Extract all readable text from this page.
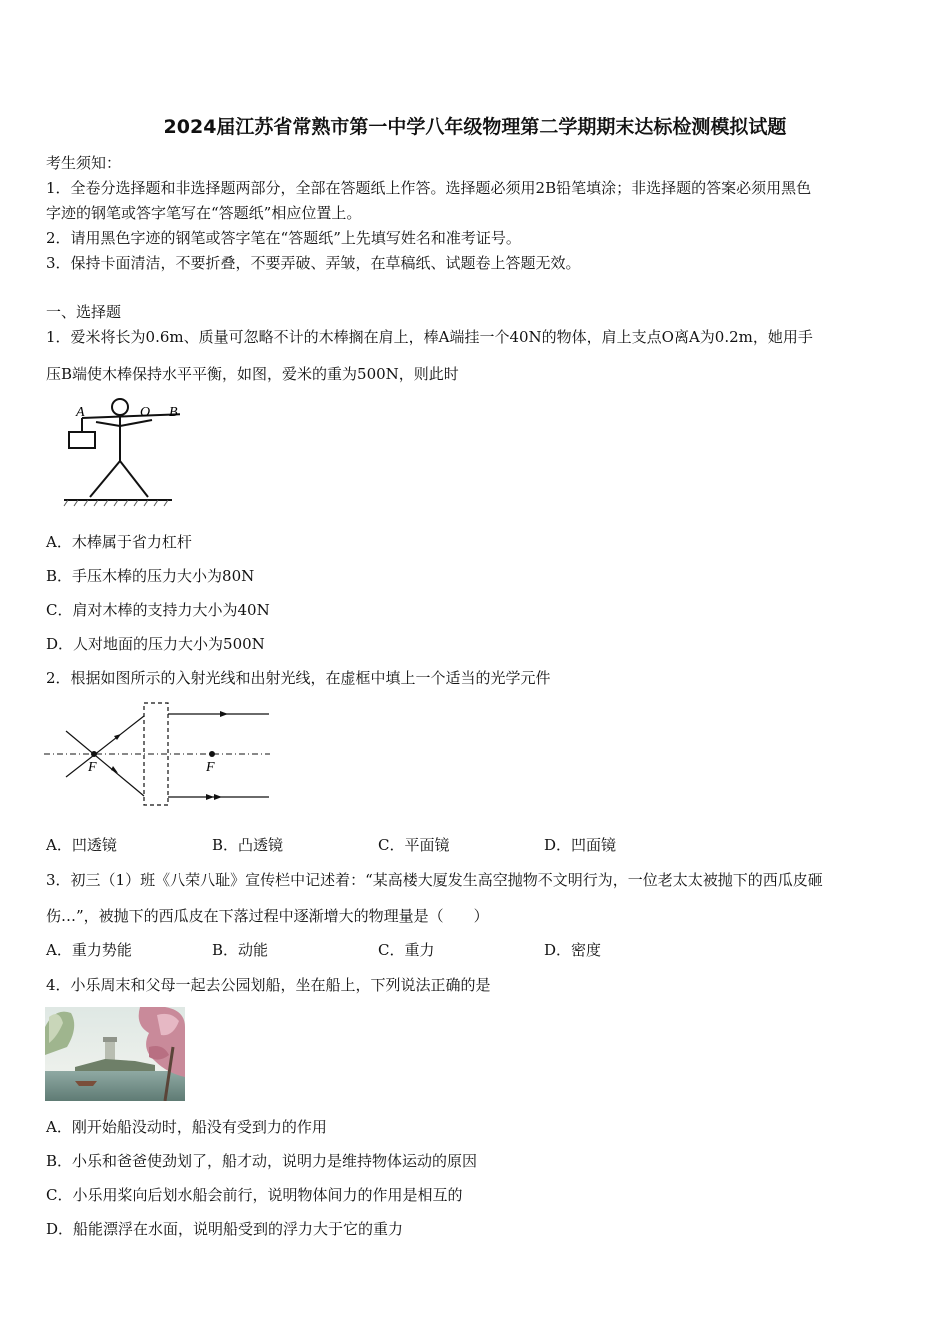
2024届江苏省常熟市第一中学八年级物理第二学期期末达标检测模拟试题
考生须知：
1．全卷分选择题和非选择题两部分，全部在答题纸上作答。选择题必须用2B铅笔填涂；非选择题的答案必须用黑色
字迹的钢笔或答字笔写在“答题纸”相应位置上。
2．请用黑色字迹的钢笔或答字笔在“答题纸”上先填写姓名和准考证号。
3．保持卡面清洁，不要折叠，不要弄破、弄皱，在草稿纸、试题卷上答题无效。
一、选择题
1．爱米将长为0.6m、质量可忽略不计的木棒搁在肩上，棒A端挂一个40N的物体，肩上支点O离A为0.2m，她用手
压B端使木棒保持水平平衡，如图，爱米的重为500N，则此时
A	O B
A．木棒属于省力杠杆
B．手压木棒的压力大小为80N
C．肩对木棒的支持力大小为40N
D．人对地面的压力大小为500N
2．根据如图所示的入射光线和出射光线，在虚框中填上一个适当的光学元件
F	F
A．凹透镜	B．凸透镜	C．平面镜	D．凹面镜
3．初三（1）班《八荣八耻》宣传栏中记述着：“某高楼大厦发生高空抛物不文明行为，一位老太太被抛下的西瓜皮砸
伤…”，被抛下的西瓜皮在下落过程中逐渐增大的物理量是（　　）
A．重力势能	B．动能	C．重力	D．密度
4．小乐周末和父母一起去公园划船，坐在船上，下列说法正确的是
A．刚开始船没动时，船没有受到力的作用
B．小乐和爸爸使劲划了，船才动，说明力是维持物体运动的原因
C．小乐用桨向后划水船会前行，说明物体间力的作用是相互的
D．船能漂浮在水面，说明船受到的浮力大于它的重力
